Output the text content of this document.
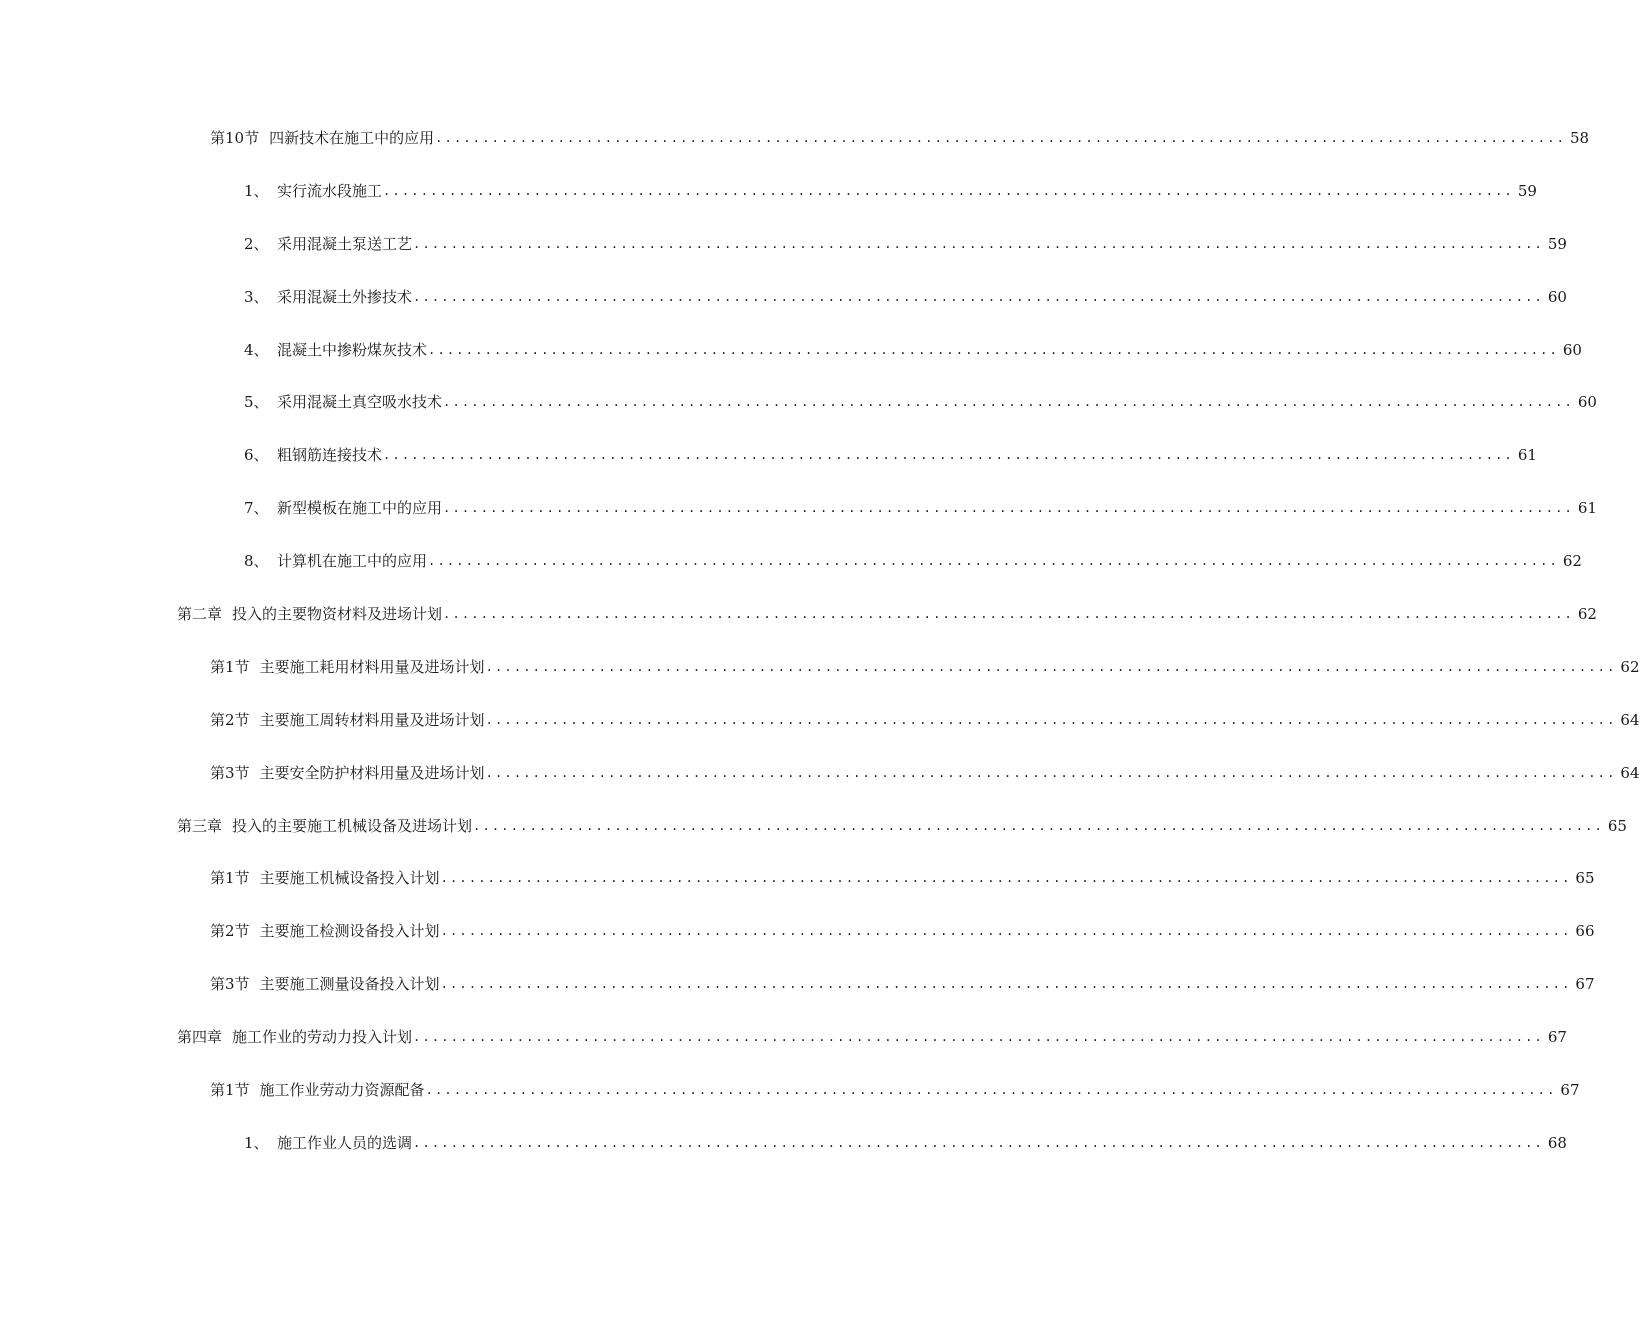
第10节 四新技术在施工中的应用 ........................................................................................................................ 58
1、 实行流水段施工 ........................................................................................................................ 59
2、 采用混凝土泵送工艺 ........................................................................................................................ 59
3、 采用混凝土外掺技术 ........................................................................................................................ 60
4、 混凝土中掺粉煤灰技术 ........................................................................................................................ 60
5、 采用混凝土真空吸水技术 ........................................................................................................................ 60
6、 粗钢筋连接技术 ........................................................................................................................ 61
7、 新型模板在施工中的应用 ........................................................................................................................ 61
8、 计算机在施工中的应用 ........................................................................................................................ 62
第二章 投入的主要物资材料及进场计划 ........................................................................................................................ 62
第1节 主要施工耗用材料用量及进场计划 ........................................................................................................................ 62
第2节 主要施工周转材料用量及进场计划 ........................................................................................................................ 64
第3节 主要安全防护材料用量及进场计划 ........................................................................................................................ 64
第三章 投入的主要施工机械设备及进场计划 ........................................................................................................................ 65
第1节 主要施工机械设备投入计划 ........................................................................................................................ 65
第2节 主要施工检测设备投入计划 ........................................................................................................................ 66
第3节 主要施工测量设备投入计划 ........................................................................................................................ 67
第四章 施工作业的劳动力投入计划 ........................................................................................................................ 67
第1节 施工作业劳动力资源配备 ........................................................................................................................ 67
1、 施工作业人员的选调 ........................................................................................................................ 68
